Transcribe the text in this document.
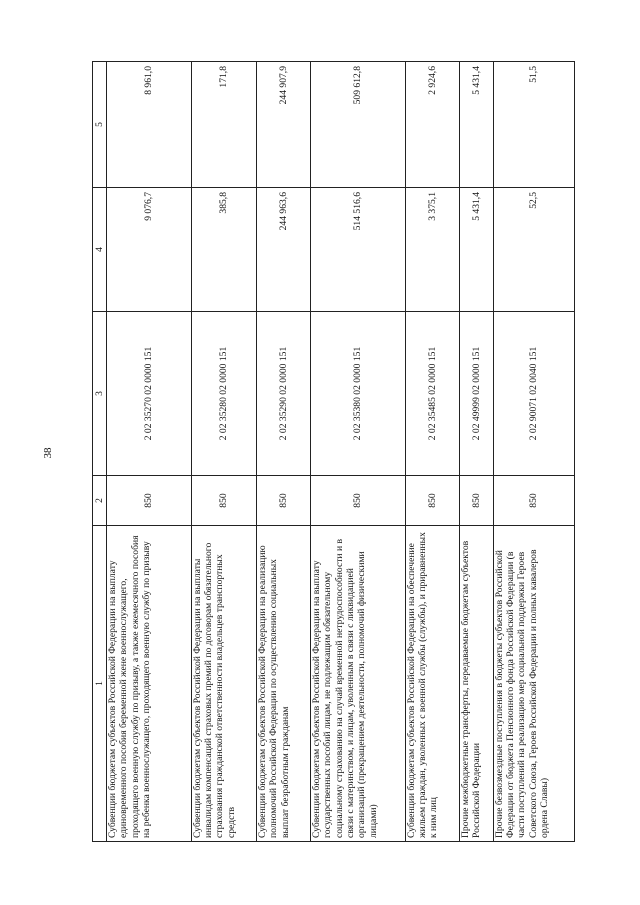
38
1	2	3	4	5
Субвенции бюджетам субъектов Российской Федерации на выплату единовременного пособия беременной жене военнослужащего, проходящего военную службу по призыву, а также ежемесячного пособия на ребенка военнослужащего, проходящего военную службу по призыву	850	2 02 35270 02 0000 151	9 076,7	8 961,0
Субвенции бюджетам субъектов Российской Федерации на выплаты инвалидам компенсаций страховых премий по договорам обязательного страхования гражданской ответственности владельцев транспортных средств	850	2 02 35280 02 0000 151	385,8	171,8
Субвенции бюджетам субъектов Российской Федерации на реализацию полномочий Российской Федерации по осуществлению социальных выплат безработным гражданам	850	2 02 35290 02 0000 151	244 963,6	244 907,9
Субвенции бюджетам субъектов Российской Федерации на выплату государственных пособий лицам, не подлежащим обязательному социальному страхованию на случай временной нетрудоспособности и в связи с материнством, и лицам, уволенным в связи с ликвидацией организаций (прекращением деятельности, полномочий физическими лицами)	850	2 02 35380 02 0000 151	514 516,6	509 612,8
Субвенции бюджетам субъектов Российской Федерации на обеспечение жильем граждан, уволенных с военной службы (службы), и приравненных к ним лиц	850	2 02 35485 02 0000 151	3 375,1	2 924,6
Прочие межбюджетные трансферты, передаваемые бюджетам субъектов Российской Федерации	850	2 02 49999 02 0000 151	5 431,4	5 431,4
Прочие безвозмездные поступления в бюджеты субъектов Российской Федерации от бюджета Пенсионного фонда Российской Федерации (в части поступлений на реализацию мер социальной поддержки Героев Советского Союза, Героев Российской Федерации и полных кавалеров ордена Славы)	850	2 02 90071 02 0040 151	52,5	51,5
